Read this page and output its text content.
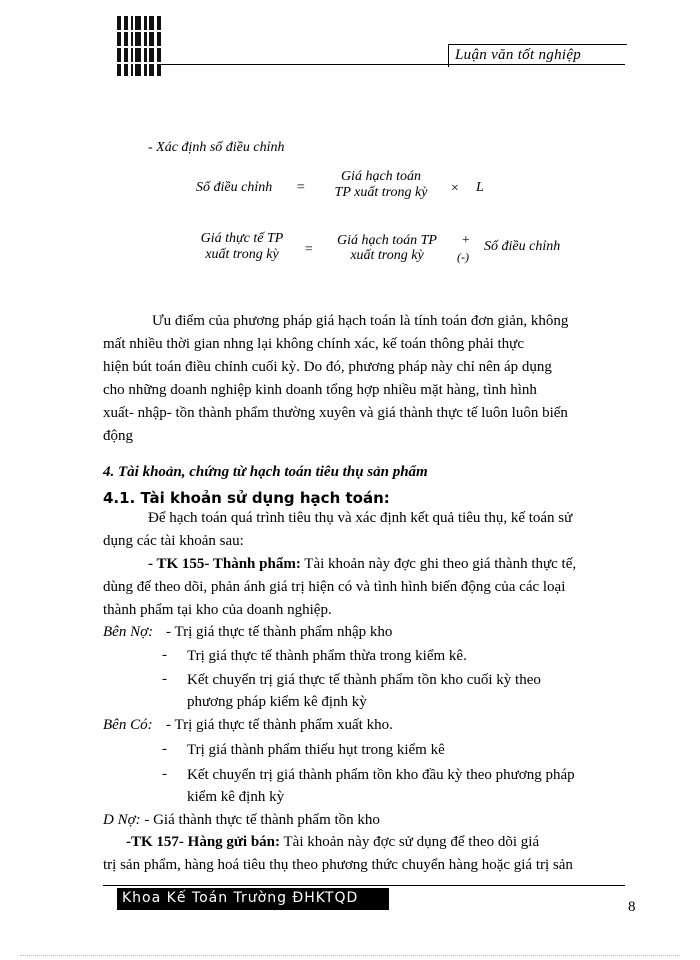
Luận văn tốt nghiệp
- Xác định số điều chỉnh
Số điều chỉnh =
Giá hạch toán
TP xuất trong kỳ	× L
Giá thực tế TP
xuất trong kỳ	=
Giá hạch toán TP
xuất trong kỳ
+
(-)
Số điều chỉnh
Ưu điểm của phương pháp giá hạch toán là tính toán đơn giản, không
mất nhiều thời gian nhng lại không chính xác, kế toán thông phải thực
hiện bút toán điều chỉnh cuối kỳ. Do đó, phương pháp này chỉ nên áp dụng
cho những doanh nghiệp kinh doanh tổng hợp nhiều mặt hàng, tình hình
xuất- nhập- tồn thành phẩm thường xuyên và giá thành thực tế luôn luôn biến
động
4. Tài khoản, chứng từ hạch toán tiêu thụ sản phẩm
4.1. Tài khoản sử dụng hạch toán:
Để hạch toán quá trình tiêu thụ và xác định kết quả tiêu thụ, kế toán sử
dụng các tài khoản sau:
- TK 155- Thành phẩm: Tài khoản này đợc ghi theo giá thành thực tế,
dùng để theo dõi, phản ánh giá trị hiện có và tình hình biến động của các loại
thành phẩm tại kho của doanh nghiệp.
Bên Nợ: - Trị giá thực tế thành phẩm nhập kho
- Trị giá thực tế thành phẩm thừa trong kiểm kê.
- Kết chuyển trị giá thực tế thành phẩm tồn kho cuối kỳ theo
phương pháp kiểm kê định kỳ
Bên Có: - Trị giá thực tế thành phẩm xuất kho.
- Trị giá thành phẩm thiếu hụt trong kiểm kê
- Kết chuyển trị giá thành phẩm tồn kho đầu kỳ theo phương pháp
kiểm kê định kỳ
D Nợ: - Giá thành thực tế thành phẩm tồn kho
-TK 157- Hàng gửi bán: Tài khoản này đợc sử dụng để theo dõi giá
trị sản phẩm, hàng hoá tiêu thụ theo phương thức chuyển hàng hoặc giá trị sản
Khoa Kế Toán Trường ĐHKTQD
8
